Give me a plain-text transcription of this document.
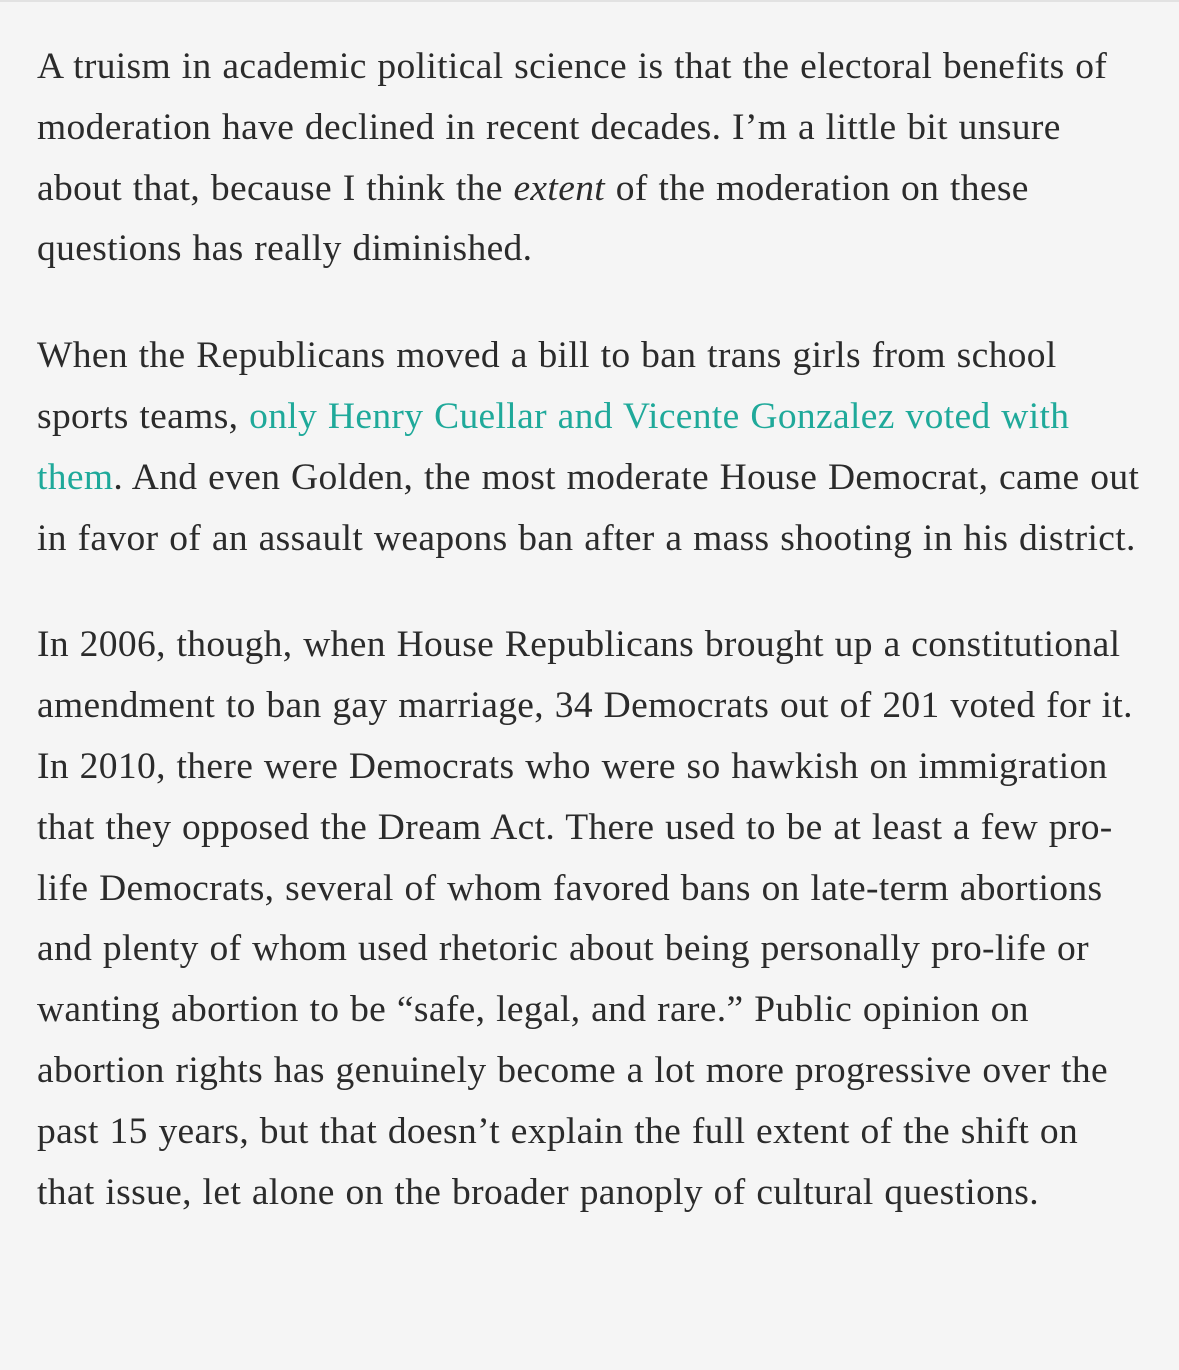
A truism in academic political science is that the electoral benefits of moderation have declined in recent decades. I’m a little bit unsure about that, because I think the extent of the moderation on these questions has really diminished.

When the Republicans moved a bill to ban trans girls from school sports teams, only Henry Cuellar and Vicente Gonzalez voted with them. And even Golden, the most moderate House Democrat, came out in favor of an assault weapons ban after a mass shooting in his district.

In 2006, though, when House Republicans brought up a constitutional amendment to ban gay marriage, 34 Democrats out of 201 voted for it. In 2010, there were Democrats who were so hawkish on immigration that they opposed the Dream Act. There used to be at least a few pro-life Democrats, several of whom favored bans on late-term abortions and plenty of whom used rhetoric about being personally pro-life or wanting abortion to be “safe, legal, and rare.” Public opinion on abortion rights has genuinely become a lot more progressive over the past 15 years, but that doesn’t explain the full extent of the shift on that issue, let alone on the broader panoply of cultural questions.
